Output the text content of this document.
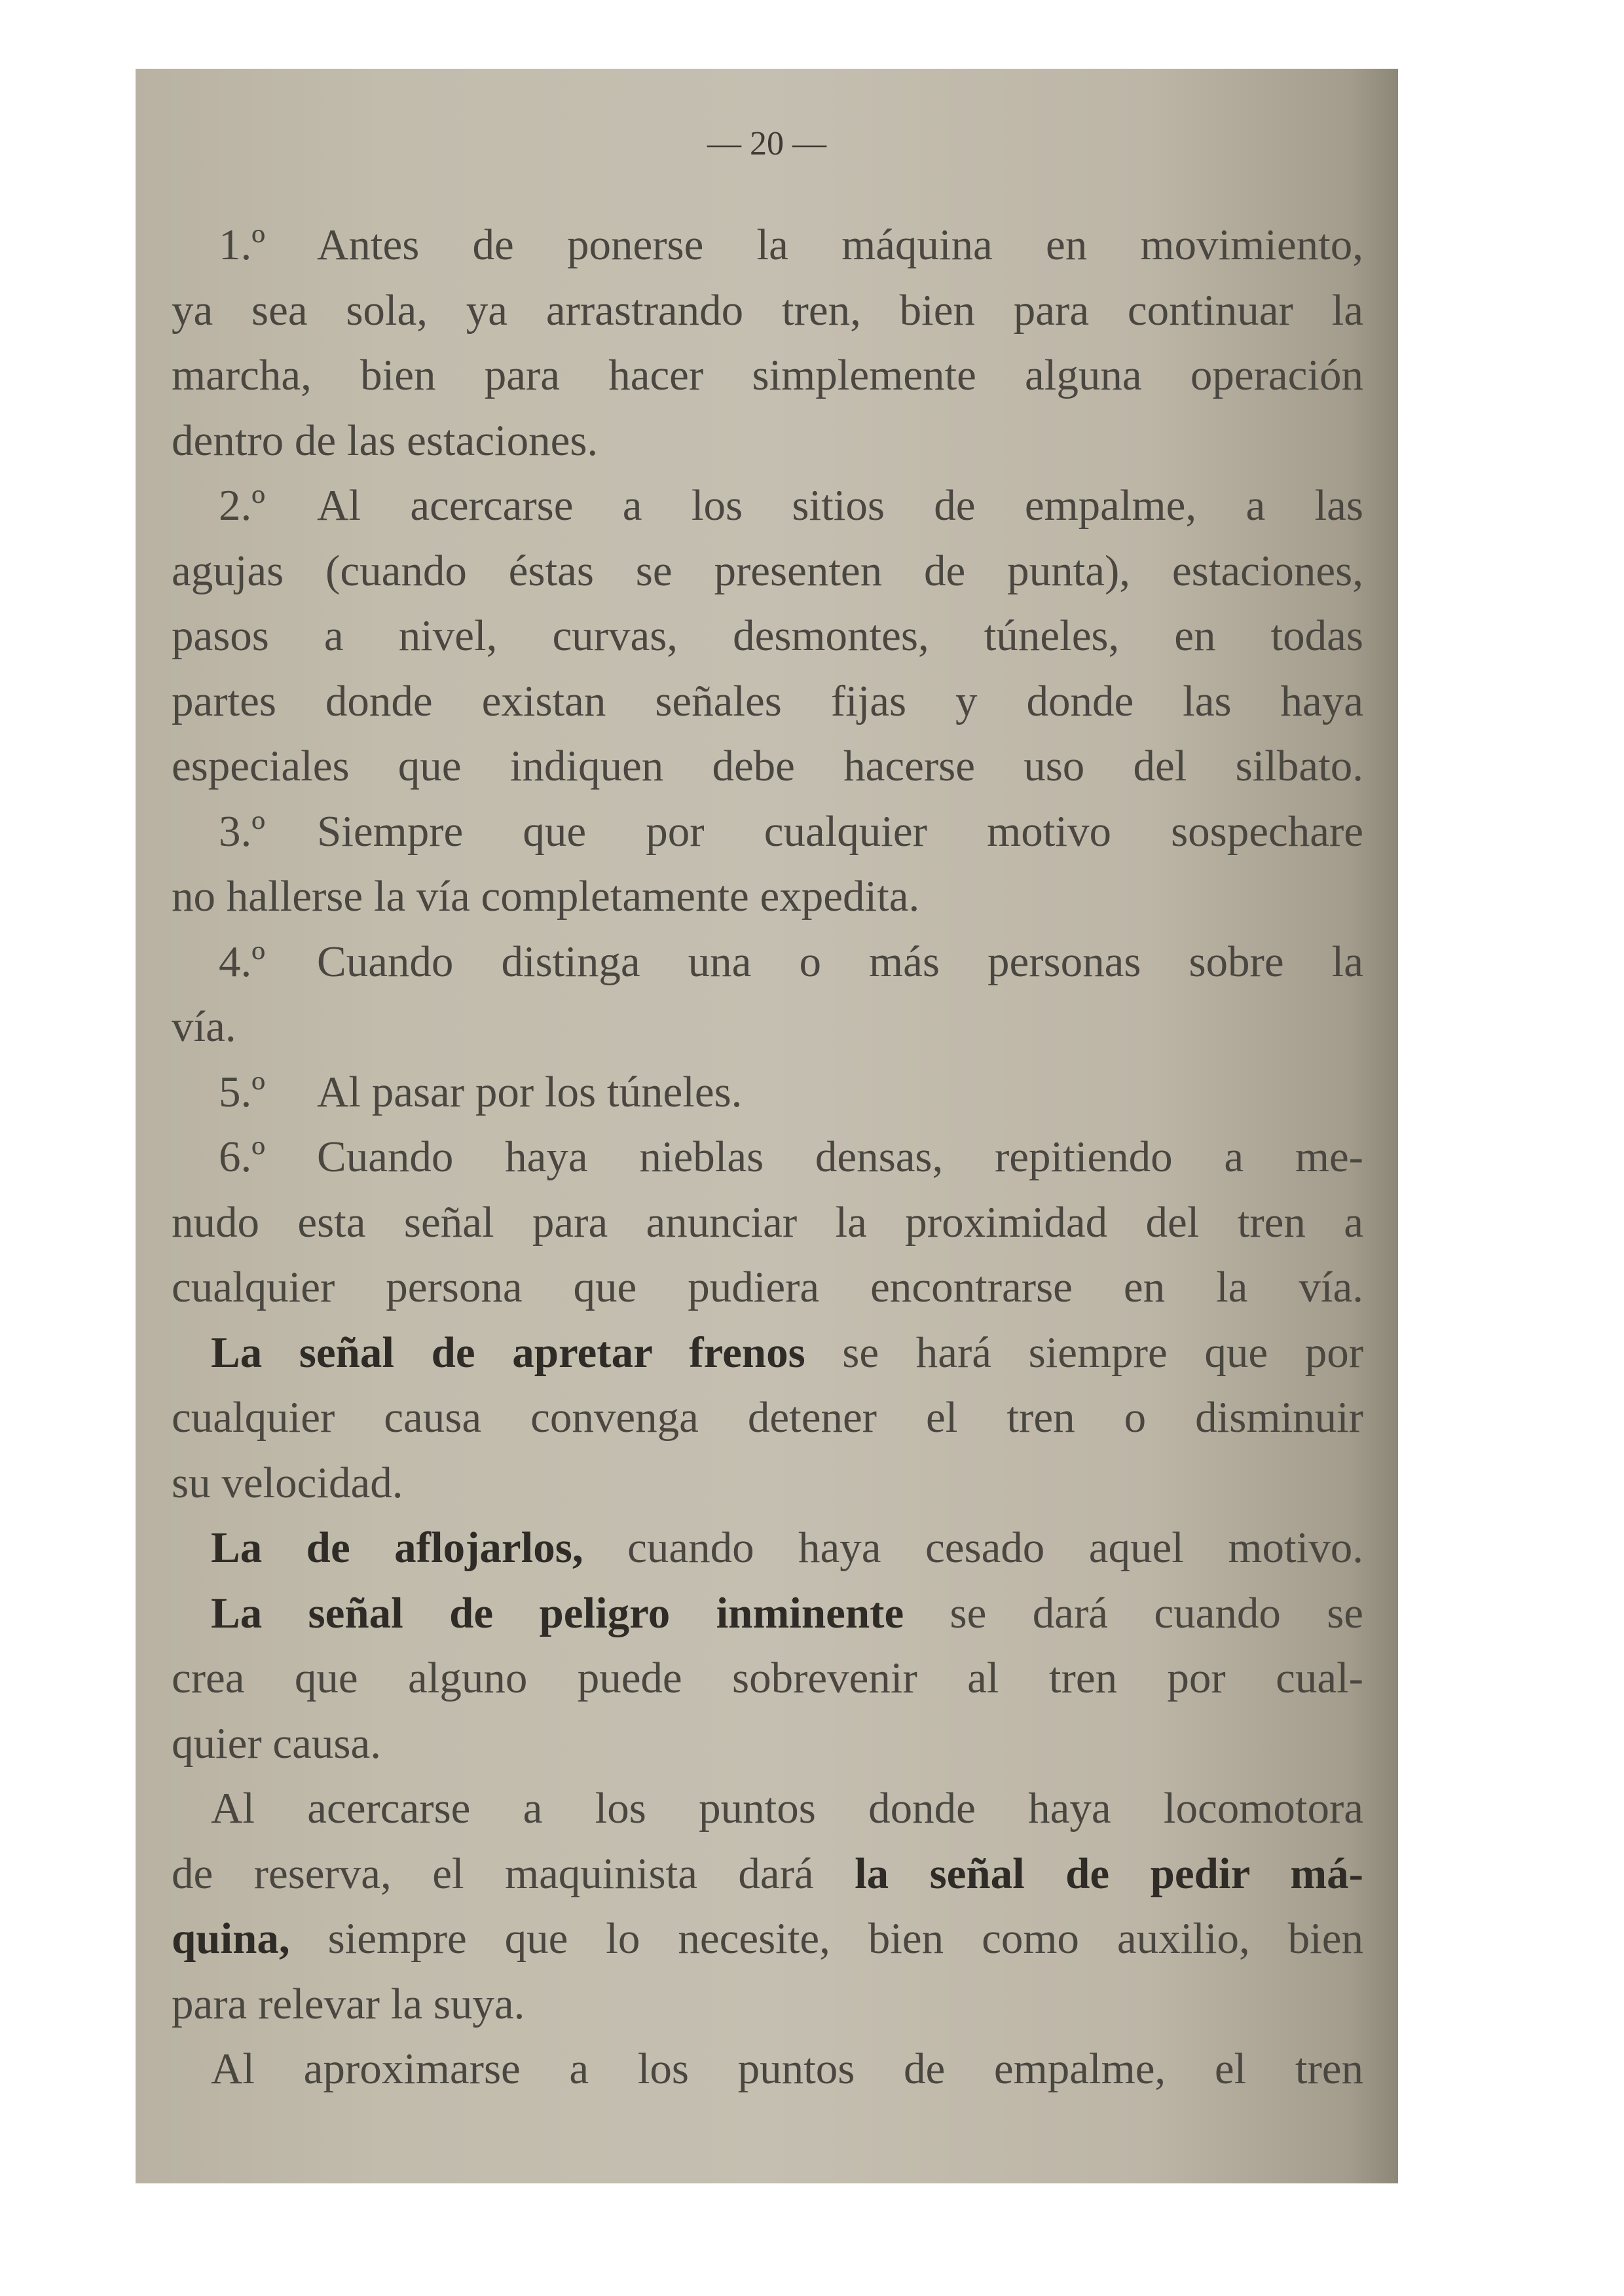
— 20 —
1.º Antes de ponerse la máquina en movimiento,
ya sea sola, ya arrastrando tren, bien para continuar la
marcha, bien para hacer simplemente alguna operación
dentro de las estaciones.
2.º Al acercarse a los sitios de empalme, a las
agujas (cuando éstas se presenten de punta), estaciones,
pasos a nivel, curvas, desmontes, túneles, en todas
partes donde existan señales fijas y donde las haya
especiales que indiquen debe hacerse uso del silbato.
3.º Siempre que por cualquier motivo sospechare
no hallerse la vía completamente expedita.
4.º Cuando distinga una o más personas sobre la
vía.
5.º Al pasar por los túneles.
6.º Cuando haya nieblas densas, repitiendo a me-
nudo esta señal para anunciar la proximidad del tren a
cualquier persona que pudiera encontrarse en la vía.
La señal de apretar frenos se hará siempre que por
cualquier causa convenga detener el tren o disminuir
su velocidad.
La de aflojarlos, cuando haya cesado aquel motivo.
La señal de peligro inminente se dará cuando se
crea que alguno puede sobrevenir al tren por cual-
quier causa.
Al acercarse a los puntos donde haya locomotora
de reserva, el maquinista dará la señal de pedir má-
quina, siempre que lo necesite, bien como auxilio, bien
para relevar la suya.
Al aproximarse a los puntos de empalme, el tren
